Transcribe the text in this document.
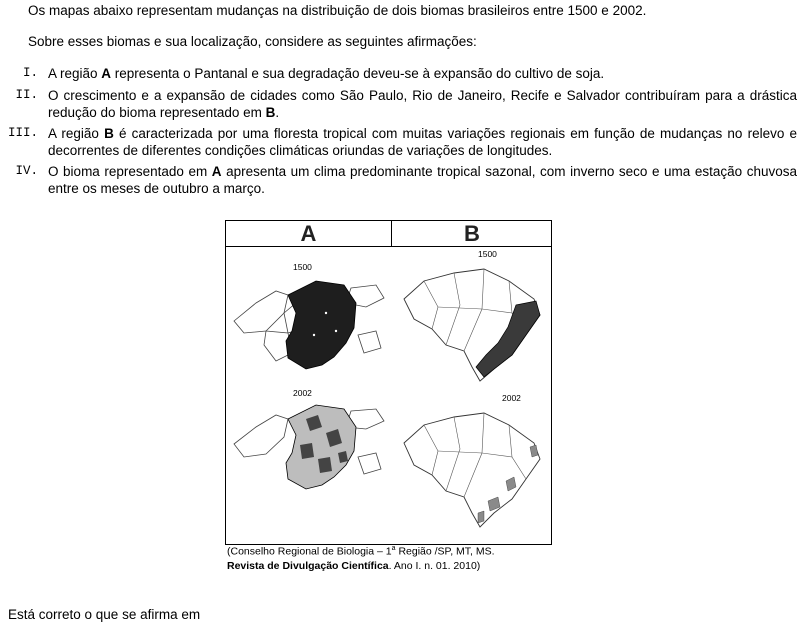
Os mapas abaixo representam mudanças na distribuição de dois biomas brasileiros entre 1500 e 2002.
Sobre esses biomas e sua localização, considere as seguintes afirmações:
I. A região A representa o Pantanal e sua degradação deveu-se à expansão do cultivo de soja.
II. O crescimento e a expansão de cidades como São Paulo, Rio de Janeiro, Recife e Salvador contribuíram para a drástica redução do bioma representado em B.
III. A região B é caracterizada por uma floresta tropical com muitas variações regionais em função de mudanças no relevo e decorrentes de diferentes condições climáticas oriundas de variações de longitudes.
IV. O bioma representado em A apresenta um clima predominante tropical sazonal, com inverno seco e uma estação chuvosa entre os meses de outubro a março.
A	B
1500
2002
1500
2002
(Conselho Regional de Biologia – 1$^a$ Região /SP, MT, MS.
Revista de Divulgação Científica. Ano I. n. 01. 2010)
Está correto o que se afirma em
